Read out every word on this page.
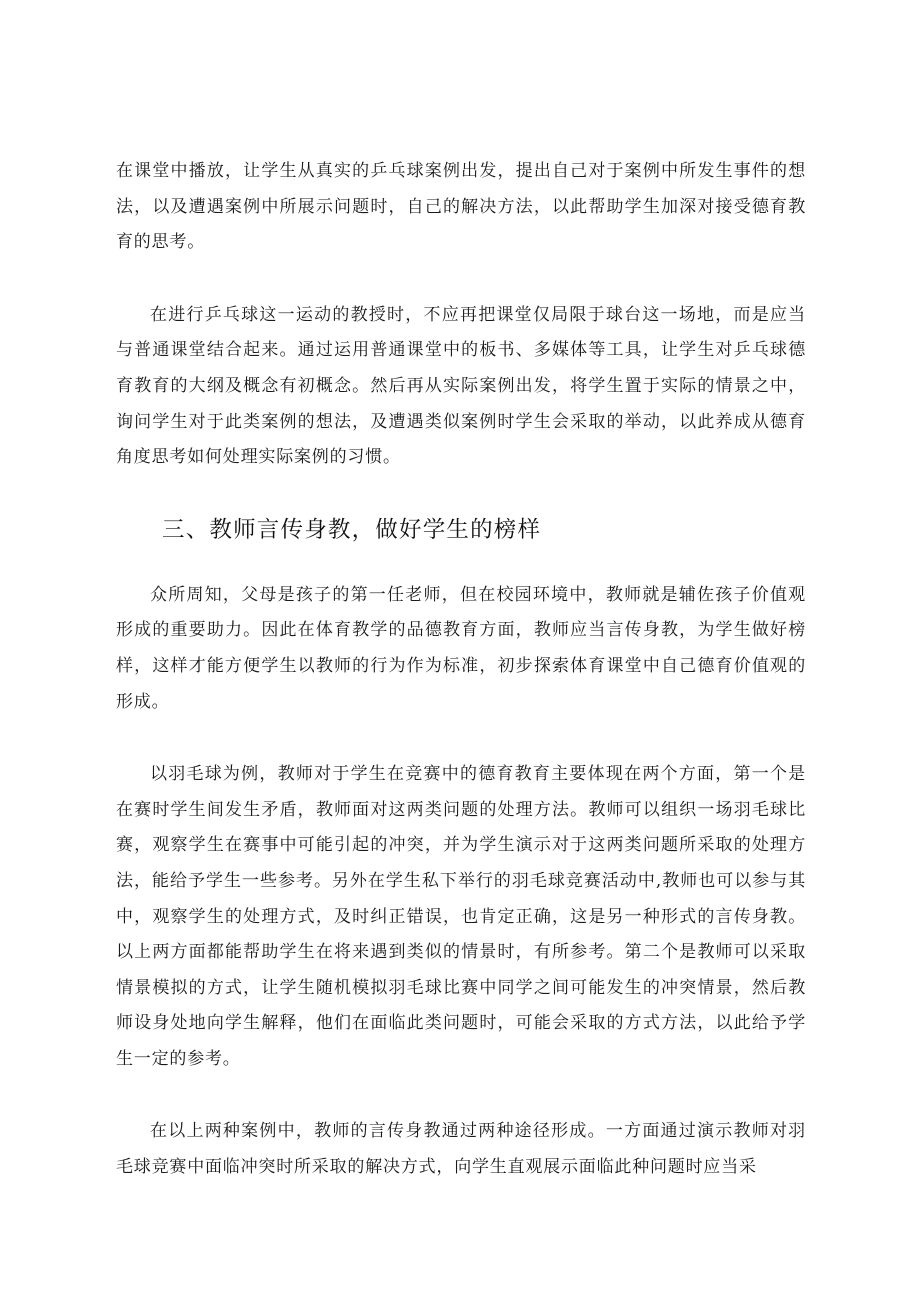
在课堂中播放，让学生从真实的乒乓球案例出发，提出自己对于案例中所发生事件的想法，以及遭遇案例中所展示问题时，自己的解决方法，以此帮助学生加深对接受德育教育的思考。

在进行乒乓球这一运动的教授时，不应再把课堂仅局限于球台这一场地，而是应当与普通课堂结合起来。通过运用普通课堂中的板书、多媒体等工具，让学生对乒乓球德育教育的大纲及概念有初概念。然后再从实际案例出发，将学生置于实际的情景之中，询问学生对于此类案例的想法，及遭遇类似案例时学生会采取的举动，以此养成从德育角度思考如何处理实际案例的习惯。

三、教师言传身教，做好学生的榜样

众所周知，父母是孩子的第一任老师，但在校园环境中，教师就是辅佐孩子价值观形成的重要助力。因此在体育教学的品德教育方面，教师应当言传身教，为学生做好榜样，这样才能方便学生以教师的行为作为标准，初步探索体育课堂中自己德育价值观的形成。

以羽毛球为例，教师对于学生在竞赛中的德育教育主要体现在两个方面，第一个是在赛时学生间发生矛盾，教师面对这两类问题的处理方法。教师可以组织一场羽毛球比赛，观察学生在赛事中可能引起的冲突，并为学生演示对于这两类问题所采取的处理方法，能给予学生一些参考。另外在学生私下举行的羽毛球竞赛活动中,教师也可以参与其中，观察学生的处理方式，及时纠正错误，也肯定正确，这是另一种形式的言传身教。以上两方面都能帮助学生在将来遇到类似的情景时，有所参考。第二个是教师可以采取情景模拟的方式，让学生随机模拟羽毛球比赛中同学之间可能发生的冲突情景，然后教师设身处地向学生解释，他们在面临此类问题时，可能会采取的方式方法，以此给予学生一定的参考。

在以上两种案例中，教师的言传身教通过两种途径形成。一方面通过演示教师对羽毛球竞赛中面临冲突时所采取的解决方式，向学生直观展示面临此种问题时应当采
